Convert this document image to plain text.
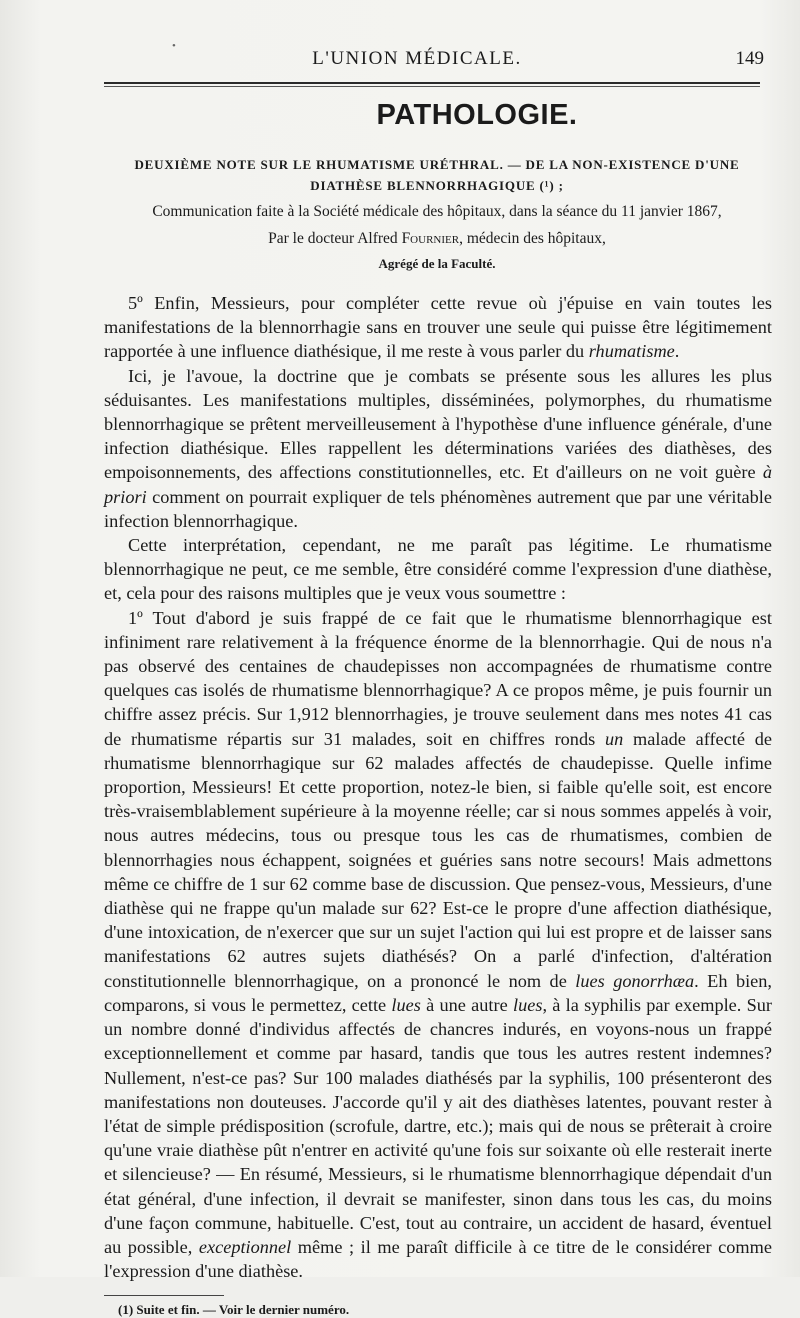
•
L'UNION MÉDICALE.	149
PATHOLOGIE.
DEUXIÈME NOTE SUR LE RHUMATISME URÉTHRAL. — DE LA NON-EXISTENCE D'UNE
DIATHÈSE BLENNORRHAGIQUE (¹) ;
Communication faite à la Société médicale des hôpitaux, dans la séance du 11 janvier 1867,
Par le docteur Alfred Fournier, médecin des hôpitaux,
Agrégé de la Faculté.

5º Enfin, Messieurs, pour compléter cette revue où j'épuise en vain toutes les manifestations de la blennorrhagie sans en trouver une seule qui puisse être légitimement rapportée à une influence diathésique, il me reste à vous parler du rhumatisme.

Ici, je l'avoue, la doctrine que je combats se présente sous les allures les plus séduisantes. Les manifestations multiples, disséminées, polymorphes, du rhumatisme blennorrhagique se prêtent merveilleusement à l'hypothèse d'une influence générale, d'une infection diathésique. Elles rappellent les déterminations variées des diathèses, des empoisonnements, des affections constitutionnelles, etc. Et d'ailleurs on ne voit guère à priori comment on pourrait expliquer de tels phénomènes autrement que par une véritable infection blennorrhagique.

Cette interprétation, cependant, ne me paraît pas légitime. Le rhumatisme blennorrhagique ne peut, ce me semble, être considéré comme l'expression d'une diathèse, et, cela pour des raisons multiples que je veux vous soumettre :

1º Tout d'abord je suis frappé de ce fait que le rhumatisme blennorrhagique est infiniment rare relativement à la fréquence énorme de la blennorrhagie. Qui de nous n'a pas observé des centaines de chaudepisses non accompagnées de rhumatisme contre quelques cas isolés de rhumatisme blennorrhagique? A ce propos même, je puis fournir un chiffre assez précis. Sur 1,912 blennorrhagies, je trouve seulement dans mes notes 41 cas de rhumatisme répartis sur 31 malades, soit en chiffres ronds un malade affecté de rhumatisme blennorrhagique sur 62 malades affectés de chaudepisse. Quelle infime proportion, Messieurs! Et cette proportion, notez-le bien, si faible qu'elle soit, est encore très-vraisemblablement supérieure à la moyenne réelle; car si nous sommes appelés à voir, nous autres médecins, tous ou presque tous les cas de rhumatismes, combien de blennorrhagies nous échappent, soignées et guéries sans notre secours! Mais admettons même ce chiffre de 1 sur 62 comme base de discussion. Que pensez-vous, Messieurs, d'une diathèse qui ne frappe qu'un malade sur 62? Est-ce le propre d'une affection diathésique, d'une intoxication, de n'exercer que sur un sujet l'action qui lui est propre et de laisser sans manifestations 62 autres sujets diathésés? On a parlé d'infection, d'altération constitutionnelle blennorrhagique, on a prononcé le nom de lues gonorrhæa. Eh bien, comparons, si vous le permettez, cette lues à une autre lues, à la syphilis par exemple. Sur un nombre donné d'individus affectés de chancres indurés, en voyons-nous un frappé exceptionnellement et comme par hasard, tandis que tous les autres restent indemnes? Nullement, n'est-ce pas? Sur 100 malades diathésés par la syphilis, 100 présenteront des manifestations non douteuses. J'accorde qu'il y ait des diathèses latentes, pouvant rester à l'état de simple prédisposition (scrofule, dartre, etc.); mais qui de nous se prêterait à croire qu'une vraie diathèse pût n'entrer en activité qu'une fois sur soixante où elle resterait inerte et silencieuse? — En résumé, Messieurs, si le rhumatisme blennorrhagique dépendait d'un état général, d'une infection, il devrait se manifester, sinon dans tous les cas, du moins d'une façon commune, habituelle. C'est, tout au contraire, un accident de hasard, éventuel au possible, exceptionnel même ; il me paraît difficile à ce titre de le considérer comme l'expression d'une diathèse.

(1) Suite et fin. — Voir le dernier numéro.
